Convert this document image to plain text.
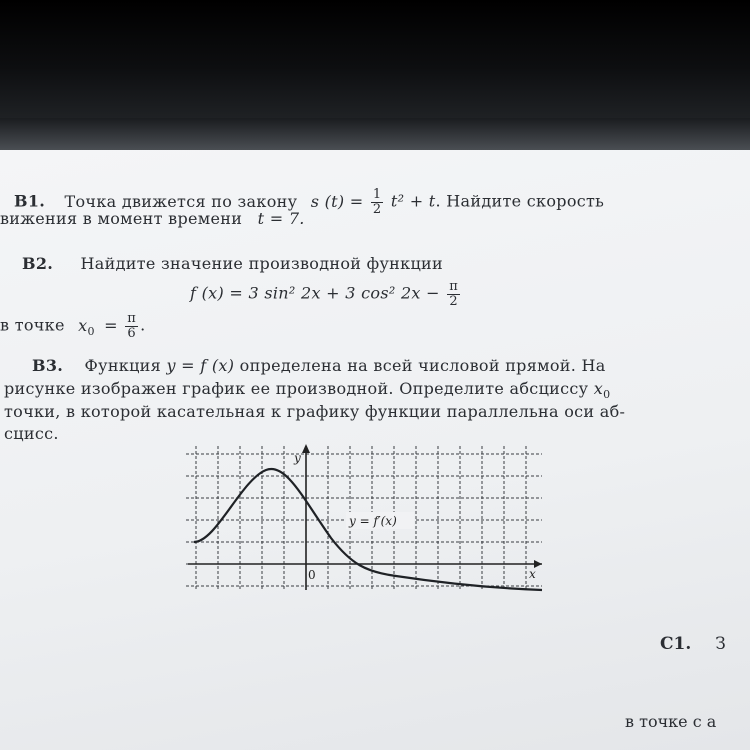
B1. Точка движется по закону s $(t) = \frac{1}{2} t^2 + t$. Найдите скорость
вижения в момент времени t = 7.
B2. Найдите значение производной функции
f (x) = 3 sin² 2x + 3 cos² $2x - \frac{\pi}{2}$
в точке $x_0 = \frac{\pi}{6}$ .
B3. Функция y = f (x) определена на всей числовой прямой. На
рисунке изображен график ее производной. Определите абсциссу $x_0$
точки, в которой касательная к графику функции параллельна оси аб-
сцисс.
y
x
0
y = f′(x)
C1. З
в точке с а
